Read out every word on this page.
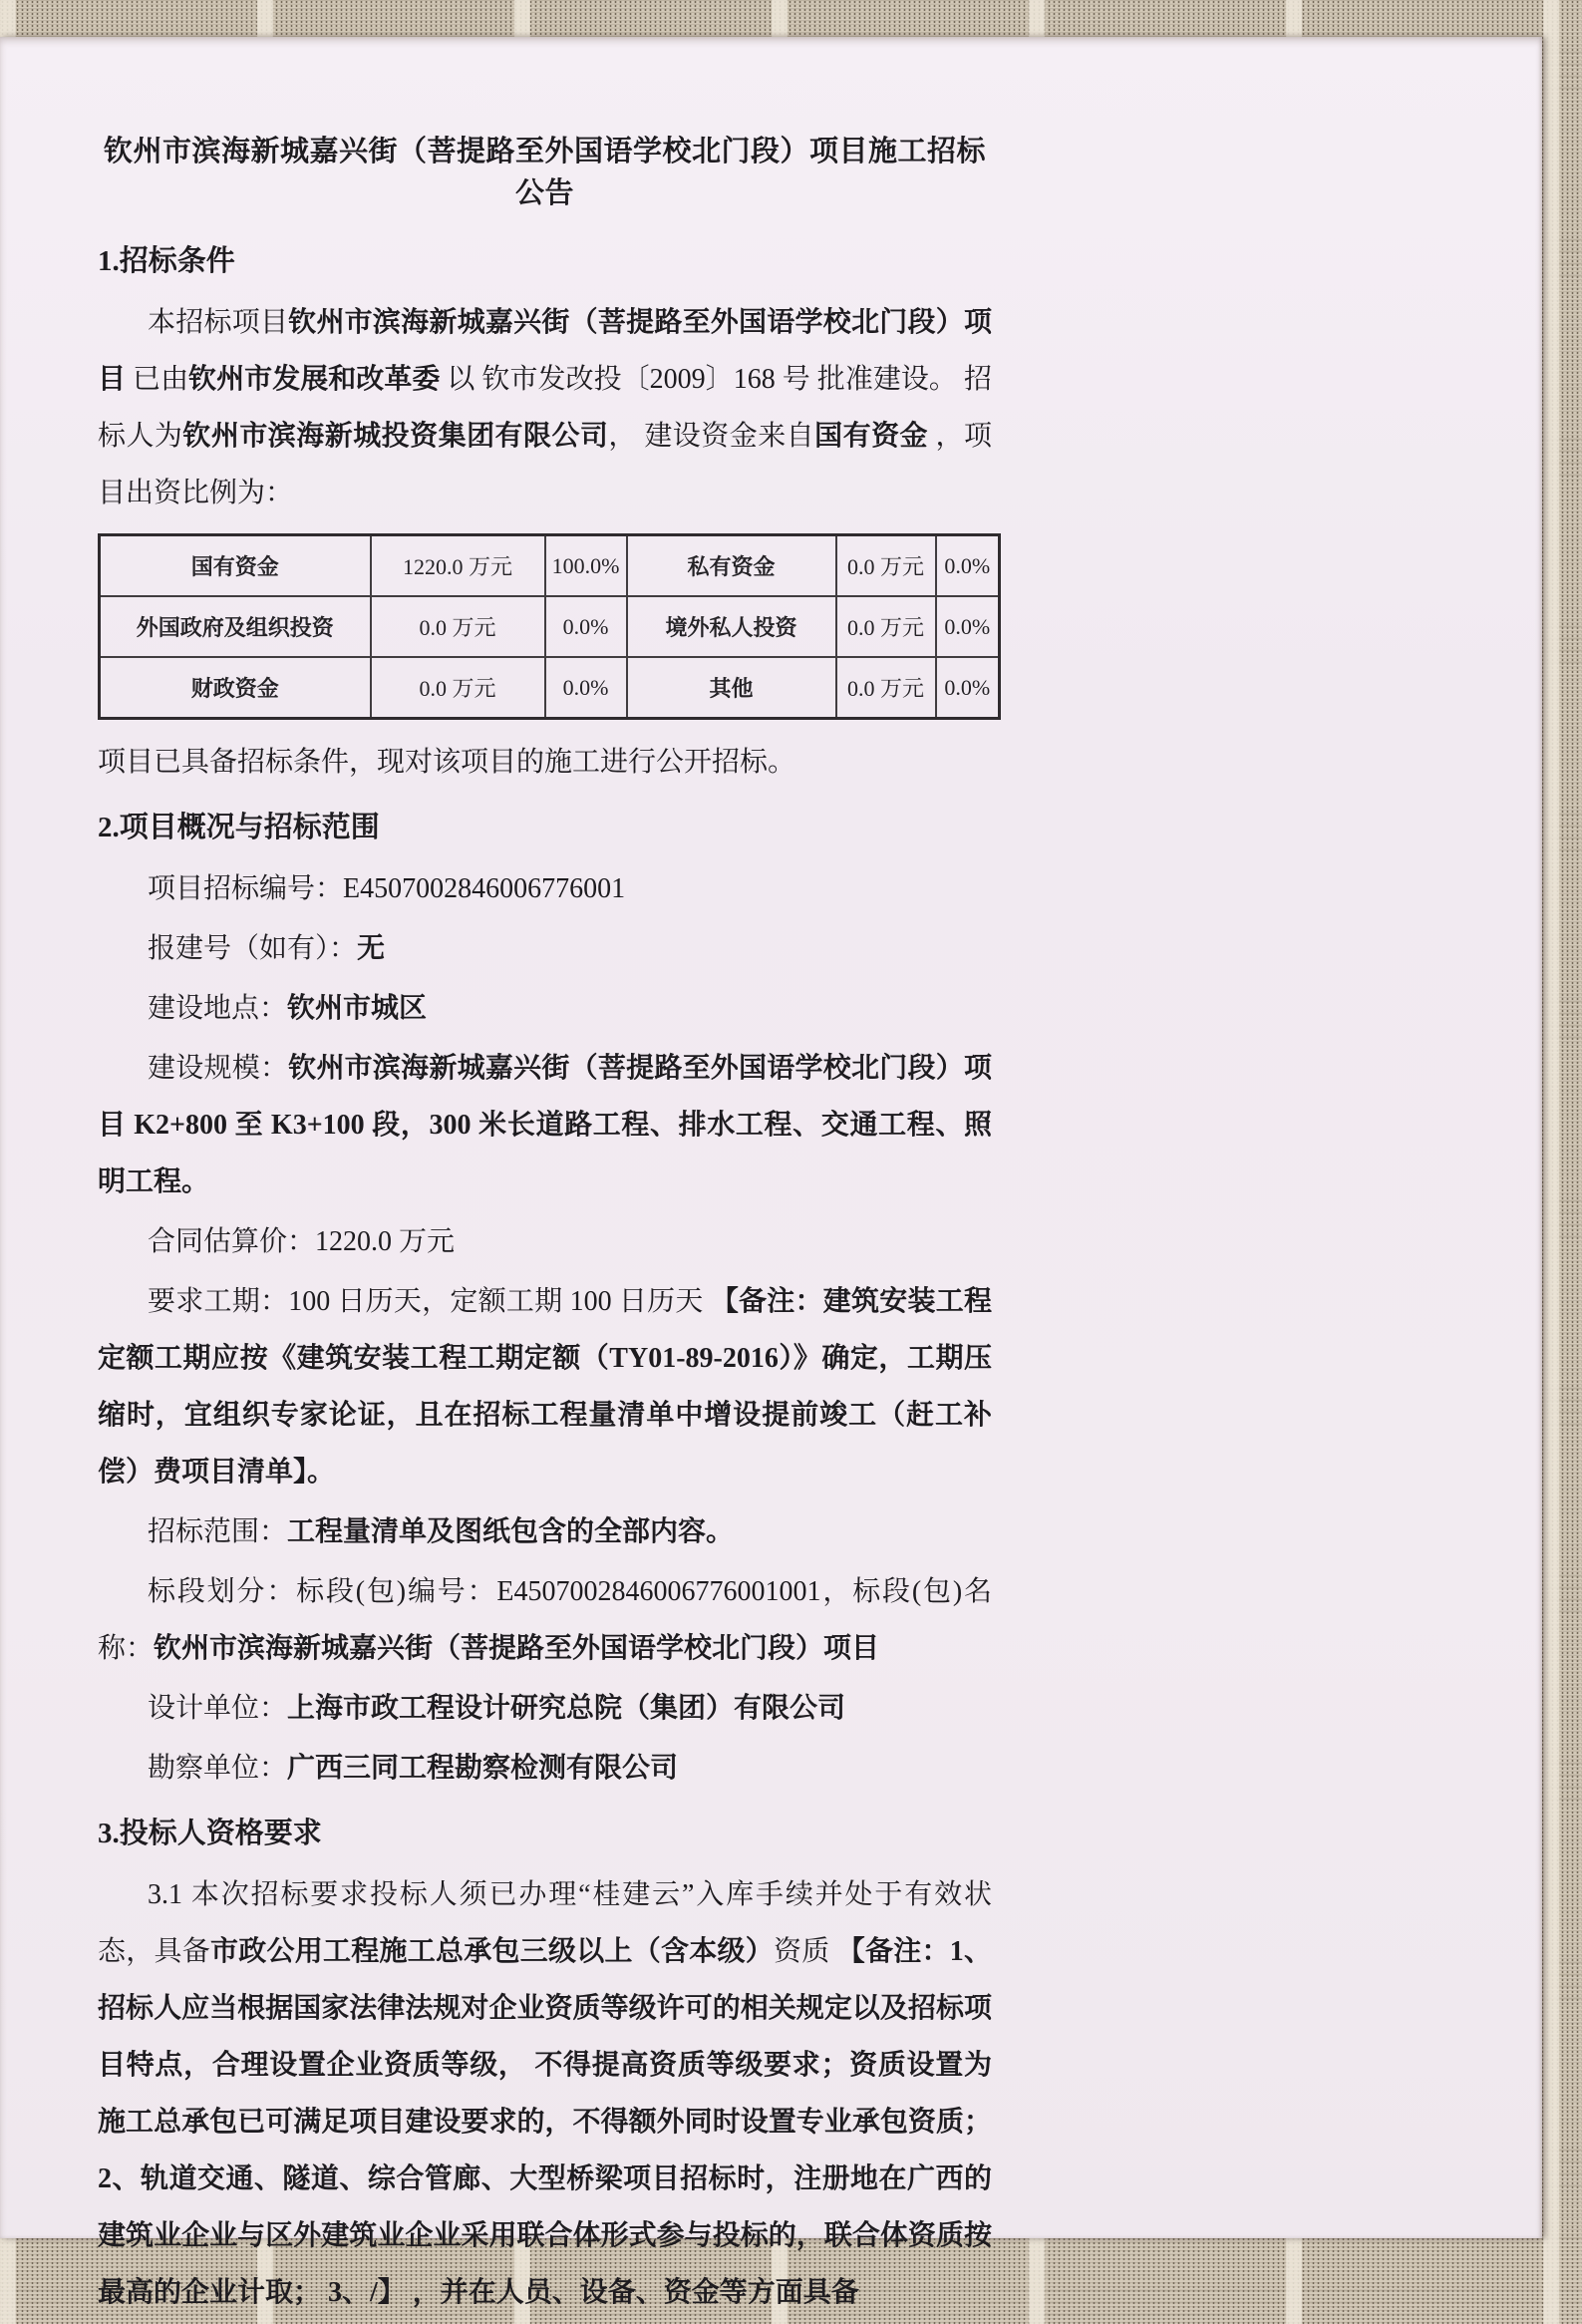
钦州市滨海新城嘉兴街（菩提路至外国语学校北门段）项目施工招标公告
1.招标条件

本招标项目钦州市滨海新城嘉兴街（菩提路至外国语学校北门段）项目 已由钦州市发展和改革委 以 钦市发改投〔2009〕168 号 批准建设。 招标人为钦州市滨海新城投资集团有限公司， 建设资金来自国有资金 ，项目出资比例为：

国有资金	1220.0 万元	100.0%	私有资金	0.0 万元	0.0%
外国政府及组织投资	0.0 万元	0.0%	境外私人投资	0.0 万元	0.0%
财政资金	0.0 万元	0.0%	其他	0.0 万元	0.0%

项目已具备招标条件，现对该项目的施工进行公开招标。

2.项目概况与招标范围

项目招标编号：E4507002846006776001

报建号（如有）：无

建设地点：钦州市城区

建设规模：钦州市滨海新城嘉兴街（菩提路至外国语学校北门段）项目 K2+800 至 K3+100 段，300 米长道路工程、排水工程、交通工程、照明工程。

合同估算价：1220.0 万元

要求工期：100 日历天，定额工期 100 日历天 【备注：建筑安装工程定额工期应按《建筑安装工程工期定额（TY01-89-2016）》确定，工期压缩时，宜组织专家论证，且在招标工程量清单中增设提前竣工（赶工补偿）费项目清单】。

招标范围：工程量清单及图纸包含的全部内容。

标段划分：标段(包)编号：E4507002846006776001001，标段(包)名称：钦州市滨海新城嘉兴街（菩提路至外国语学校北门段）项目

设计单位：上海市政工程设计研究总院（集团）有限公司

勘察单位：广西三同工程勘察检测有限公司

3.投标人资格要求

3.1 本次招标要求投标人须已办理“桂建云”入库手续并处于有效状态，具备市政公用工程施工总承包三级以上（含本级）资质 【备注：1、招标人应当根据国家法律法规对企业资质等级许可的相关规定以及招标项目特点，合理设置企业资质等级， 不得提高资质等级要求；资质设置为施工总承包已可满足项目建设要求的，不得额外同时设置专业承包资质； 2、轨道交通、隧道、综合管廊、大型桥梁项目招标时，注册地在广西的建筑业企业与区外建筑业企业采用联合体形式参与投标的，联合体资质按最高的企业计取； 3、/】 ，并在人员、设备、资金等方面具备
